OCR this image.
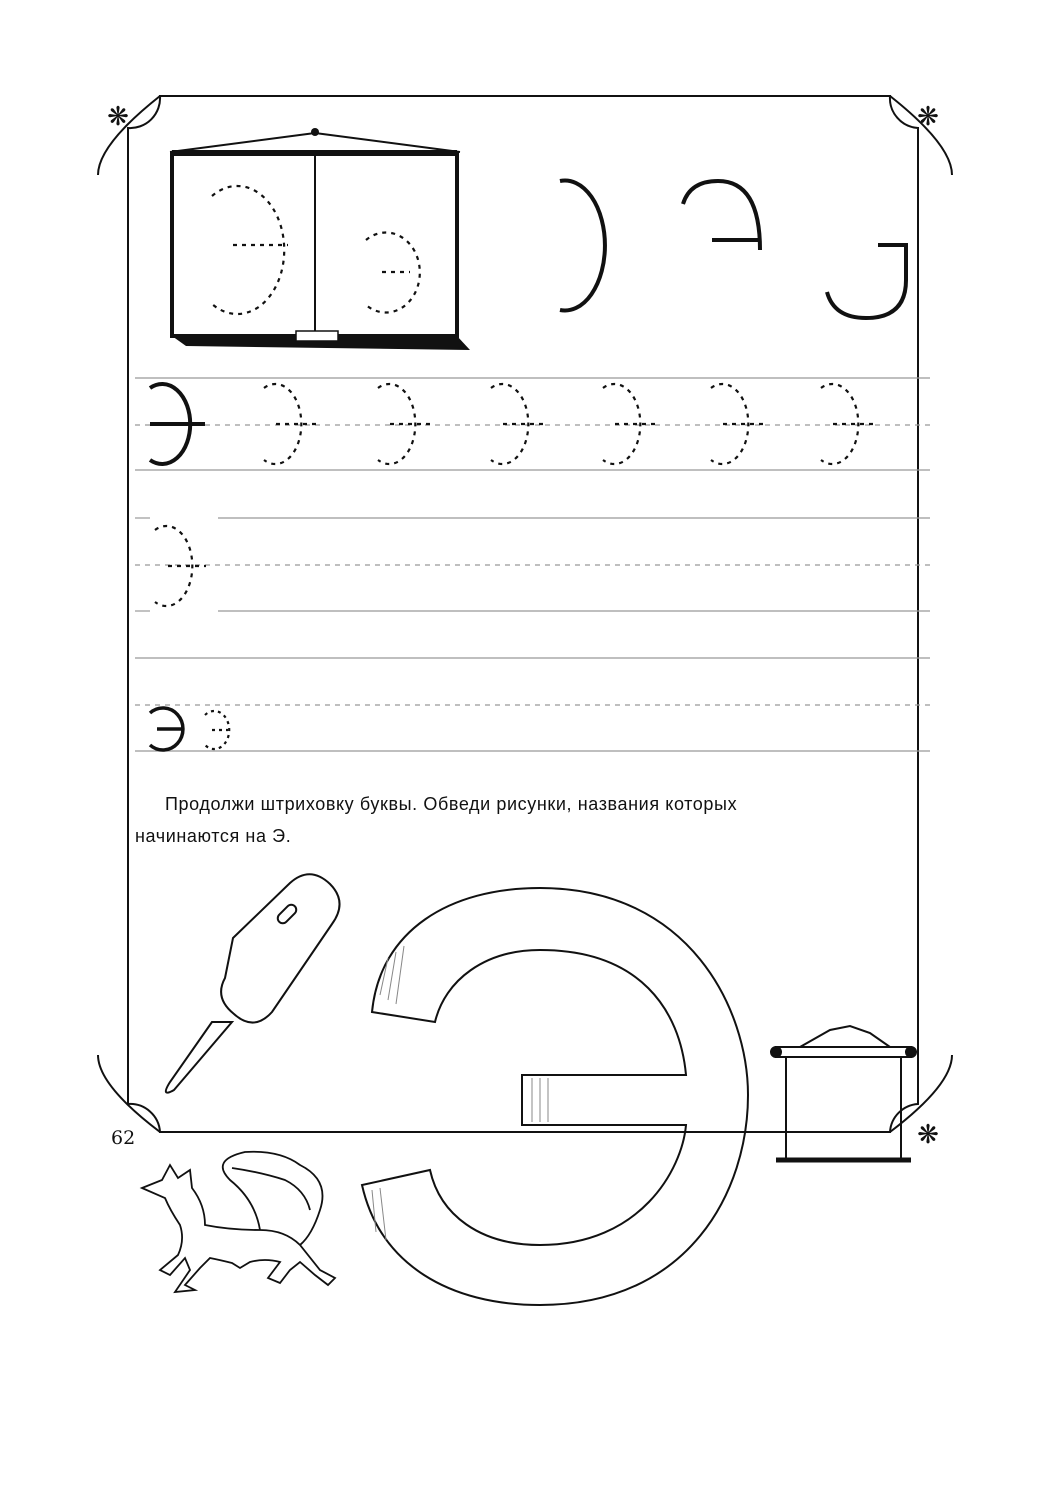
❋	❋
❋

Продолжи штриховку буквы. Обведи рисунки, названия которых
начинаются на Э.

62
